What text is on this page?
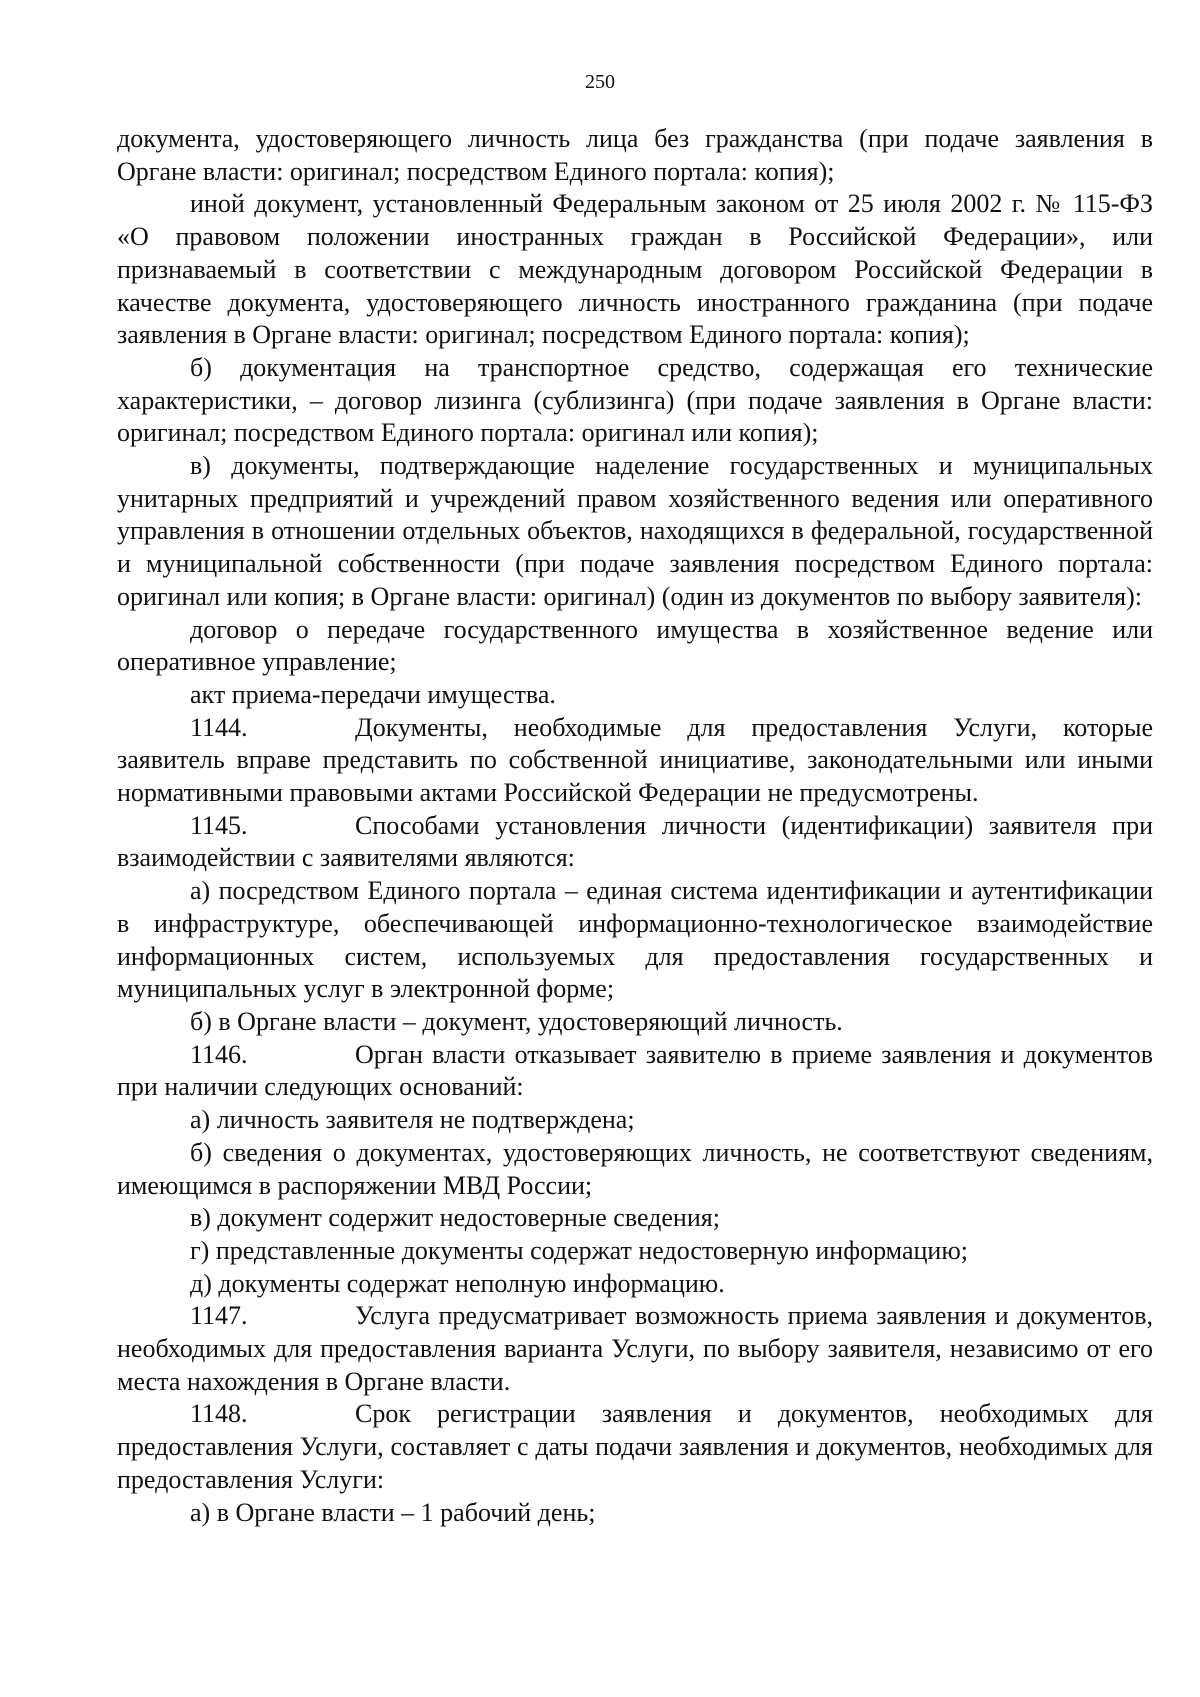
250

документа, удостоверяющего личность лица без гражданства (при подаче заявления в Органе власти: оригинал; посредством Единого портала: копия);

иной документ, установленный Федеральным законом от 25 июля 2002 г. № 115-ФЗ «О правовом положении иностранных граждан в Российской Федерации», или признаваемый в соответствии с международным договором Российской Федерации в качестве документа, удостоверяющего личность иностранного гражданина (при подаче заявления в Органе власти: оригинал; посредством Единого портала: копия);

б) документация на транспортное средство, содержащая его технические характеристики, – договор лизинга (сублизинга) (при подаче заявления в Органе власти: оригинал; посредством Единого портала: оригинал или копия);

в) документы, подтверждающие наделение государственных и муниципальных унитарных предприятий и учреждений правом хозяйственного ведения или оперативного управления в отношении отдельных объектов, находящихся в федеральной, государственной и муниципальной собственности (при подаче заявления посредством Единого портала: оригинал или копия; в Органе власти: оригинал) (один из документов по выбору заявителя):

договор о передаче государственного имущества в хозяйственное ведение или оперативное управление;

акт приема-передачи имущества.

1144.	Документы, необходимые для предоставления Услуги, которые заявитель вправе представить по собственной инициативе, законодательными или иными нормативными правовыми актами Российской Федерации не предусмотрены.

1145.	Способами установления личности (идентификации) заявителя при взаимодействии с заявителями являются:

а) посредством Единого портала – единая система идентификации и аутентификации в инфраструктуре, обеспечивающей информационно-технологическое взаимодействие информационных систем, используемых для предоставления государственных и муниципальных услуг в электронной форме;

б) в Органе власти – документ, удостоверяющий личность.

1146.	Орган власти отказывает заявителю в приеме заявления и документов при наличии следующих оснований:

а) личность заявителя не подтверждена;

б) сведения о документах, удостоверяющих личность, не соответствуют сведениям, имеющимся в распоряжении МВД России;

в) документ содержит недостоверные сведения;

г) представленные документы содержат недостоверную информацию;

д) документы содержат неполную информацию.

1147.	Услуга предусматривает возможность приема заявления и документов, необходимых для предоставления варианта Услуги, по выбору заявителя, независимо от его места нахождения в Органе власти.

1148.	Срок регистрации заявления и документов, необходимых для предоставления Услуги, составляет с даты подачи заявления и документов, необходимых для предоставления Услуги:

а) в Органе власти – 1 рабочий день;
